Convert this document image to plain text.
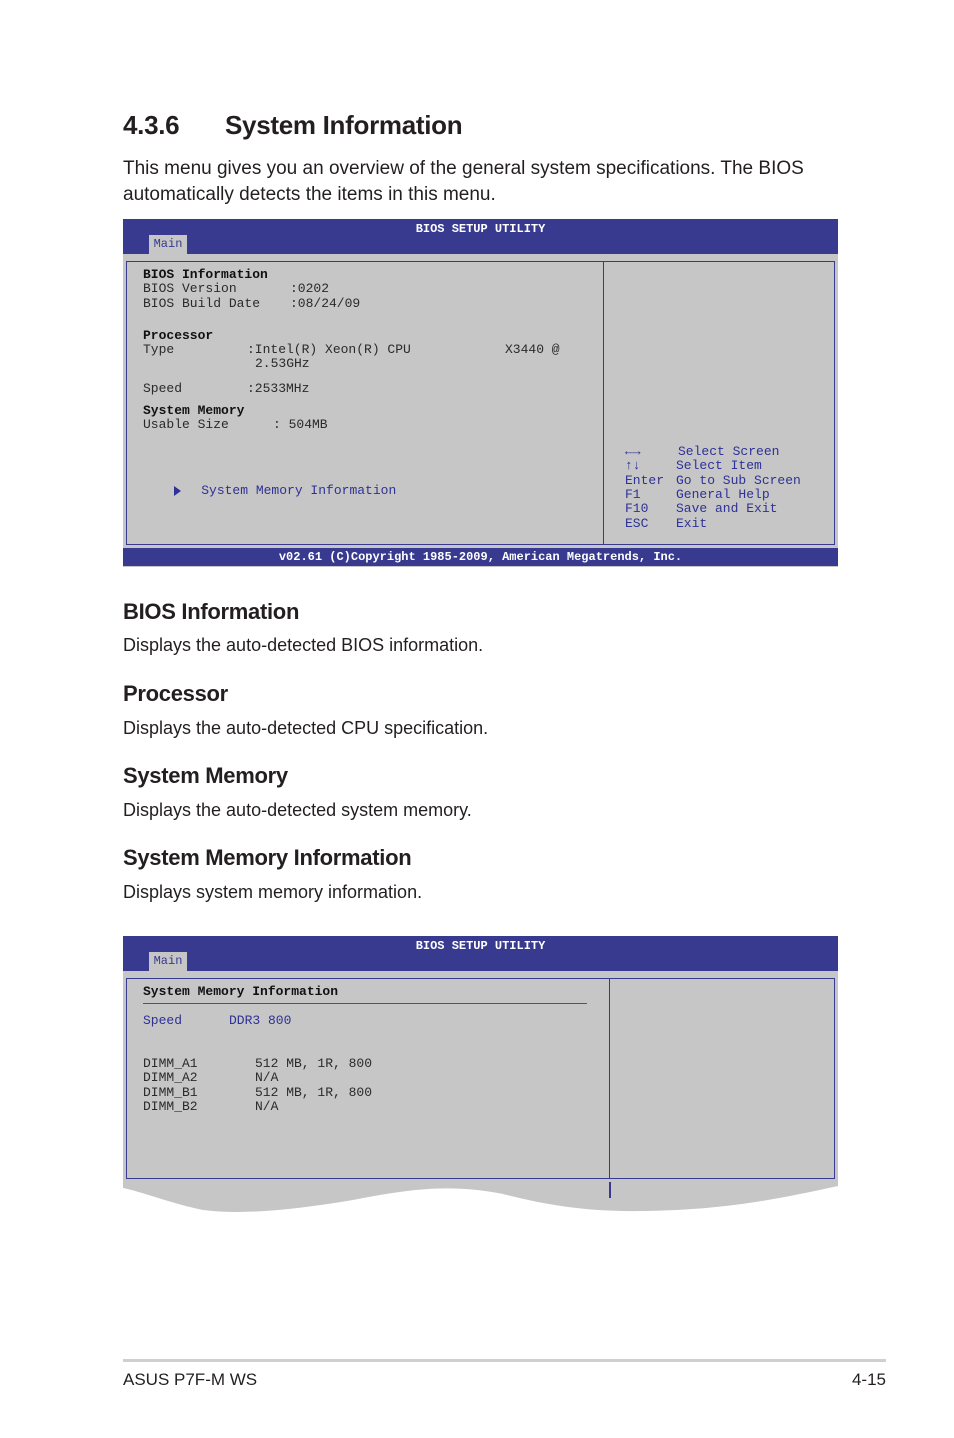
4.3.6 System Information
This menu gives you an overview of the general system specifications. The BIOS automatically detects the items in this menu.
BIOS SETUP UTILITY
Main
BIOS Information
BIOS Version	:0202
BIOS Build Date :08/24/09
Processor
Type	:Intel(R) Xeon(R) CPU	X3440 @
2.53GHz
Speed	:2533MHz
System Memory
Usable Size	: 504MB

System Memory Information

←→	Select Screen
↑↓	Select Item
Enter Go to Sub Screen
F1	General Help
F10 Save and Exit
ESC Exit
v02.61 (C)Copyright 1985-2009, American Megatrends, Inc.
BIOS Information
Displays the auto-detected BIOS information.
Processor
Displays the auto-detected CPU specification.
System Memory
Displays the auto-detected system memory.
System Memory Information
Displays system memory information.
BIOS SETUP UTILITY
Main
System Memory Information
Speed	DDR3 800
DIMM_A1	512 MB, 1R, 800
DIMM_A2	N/A
DIMM_B1	512 MB, 1R, 800
DIMM_B2	N/A
ASUS P7F-M WS	4-15
